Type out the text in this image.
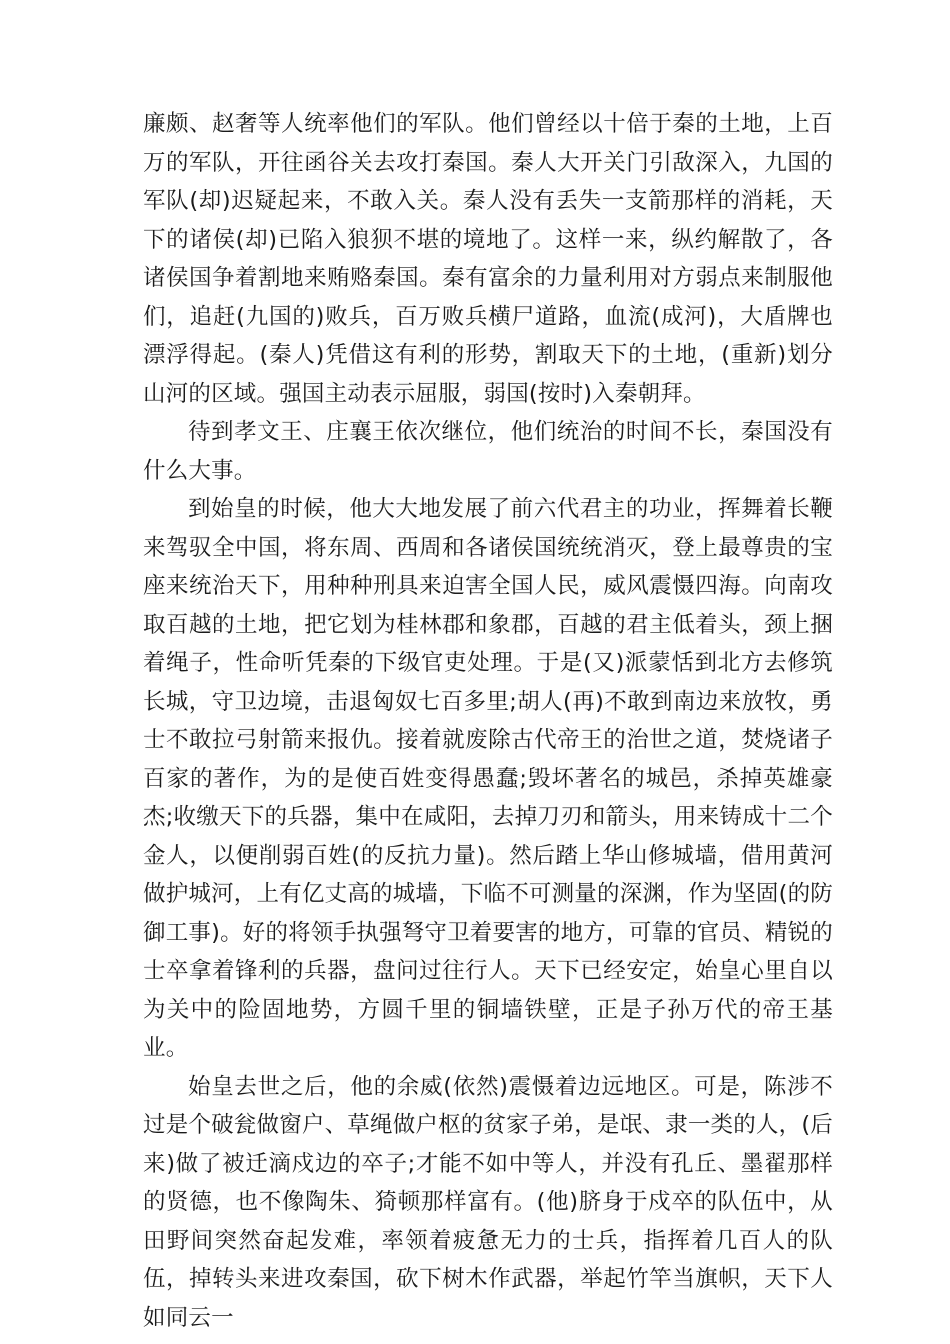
廉颇、赵奢等人统率他们的军队。他们曾经以十倍于秦的土地，上百万的军队，开往函谷关去攻打秦国。秦人大开关门引敌深入，九国的军队(却)迟疑起来，不敢入关。秦人没有丢失一支箭那样的消耗，天下的诸侯(却)已陷入狼狈不堪的境地了。这样一来，纵约解散了，各诸侯国争着割地来贿赂秦国。秦有富余的力量利用对方弱点来制服他们，追赶(九国的)败兵，百万败兵横尸道路，血流(成河)，大盾牌也漂浮得起。(秦人)凭借这有利的形势，割取天下的土地，(重新)划分山河的区域。强国主动表示屈服，弱国(按时)入秦朝拜。

待到孝文王、庄襄王依次继位，他们统治的时间不长，秦国没有什么大事。

到始皇的时候，他大大地发展了前六代君主的功业，挥舞着长鞭来驾驭全中国，将东周、西周和各诸侯国统统消灭，登上最尊贵的宝座来统治天下，用种种刑具来迫害全国人民，威风震慑四海。向南攻取百越的土地，把它划为桂林郡和象郡，百越的君主低着头，颈上捆着绳子，性命听凭秦的下级官吏处理。于是(又)派蒙恬到北方去修筑长城，守卫边境，击退匈奴七百多里;胡人(再)不敢到南边来放牧，勇士不敢拉弓射箭来报仇。接着就废除古代帝王的治世之道，焚烧诸子百家的著作，为的是使百姓变得愚蠢;毁坏著名的城邑，杀掉英雄豪杰;收缴天下的兵器，集中在咸阳，去掉刀刃和箭头，用来铸成十二个金人，以便削弱百姓(的反抗力量)。然后踏上华山修城墙，借用黄河做护城河，上有亿丈高的城墙，下临不可测量的深渊，作为坚固(的防御工事)。好的将领手执强弩守卫着要害的地方，可靠的官员、精锐的士卒拿着锋利的兵器，盘问过往行人。天下已经安定，始皇心里自以为关中的险固地势，方圆千里的铜墙铁壁，正是子孙万代的帝王基业。

始皇去世之后，他的余威(依然)震慑着边远地区。可是，陈涉不过是个破瓮做窗户、草绳做户枢的贫家子弟，是氓、隶一类的人，(后来)做了被迁滴戍边的卒子;才能不如中等人，并没有孔丘、墨翟那样的贤德，也不像陶朱、猗顿那样富有。(他)脐身于戍卒的队伍中，从田野间突然奋起发难，率领着疲惫无力的士兵，指挥着几百人的队伍，掉转头来进攻秦国，砍下树木作武器，举起竹竿当旗帜，天下人如同云一
